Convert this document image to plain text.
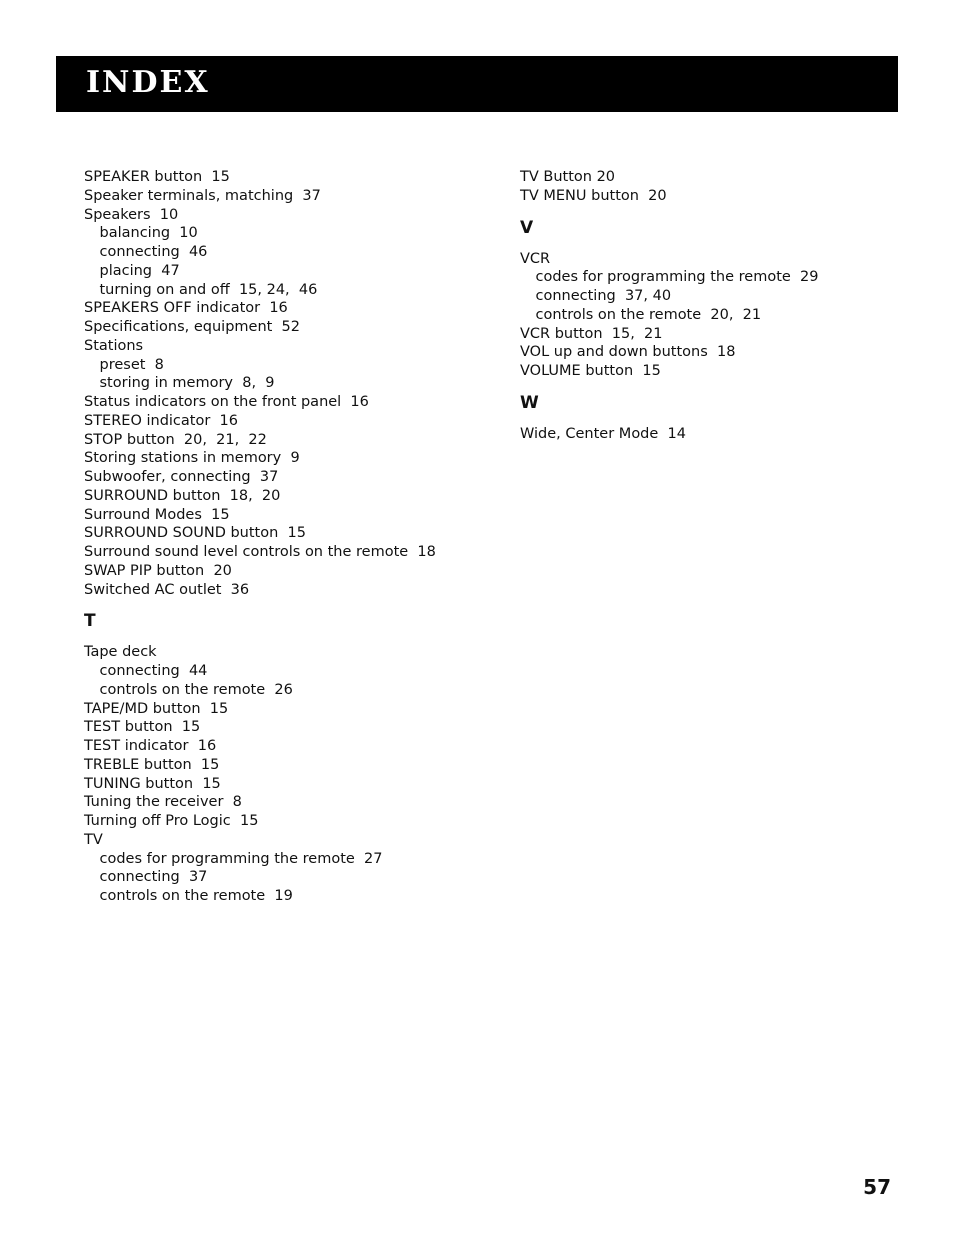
INDEX
SPEAKER button  15
Speaker terminals, matching  37
Speakers  10
balancing  10
connecting  46
placing  47
turning on and off  15, 24,  46
SPEAKERS OFF indicator  16
Specifications, equipment  52
Stations
preset  8
storing in memory  8,  9
Status indicators on the front panel  16
STEREO indicator  16
STOP button  20,  21,  22
Storing stations in memory  9
Subwoofer, connecting  37
SURROUND button  18,  20
Surround Modes  15
SURROUND SOUND button  15
Surround sound level controls on the remote  18
SWAP PIP button  20
Switched AC outlet  36
T
Tape deck
connecting  44
controls on the remote  26
TAPE/MD button  15
TEST button  15
TEST indicator  16
TREBLE button  15
TUNING button  15
Tuning the receiver  8
Turning off Pro Logic  15
TV
codes for programming the remote  27
connecting  37
controls on the remote  19
TV Button 20
TV MENU button  20
V
VCR
codes for programming the remote  29
connecting  37, 40
controls on the remote  20,  21
VCR button  15,  21
VOL up and down buttons  18
VOLUME button  15
W
Wide, Center Mode  14
57
